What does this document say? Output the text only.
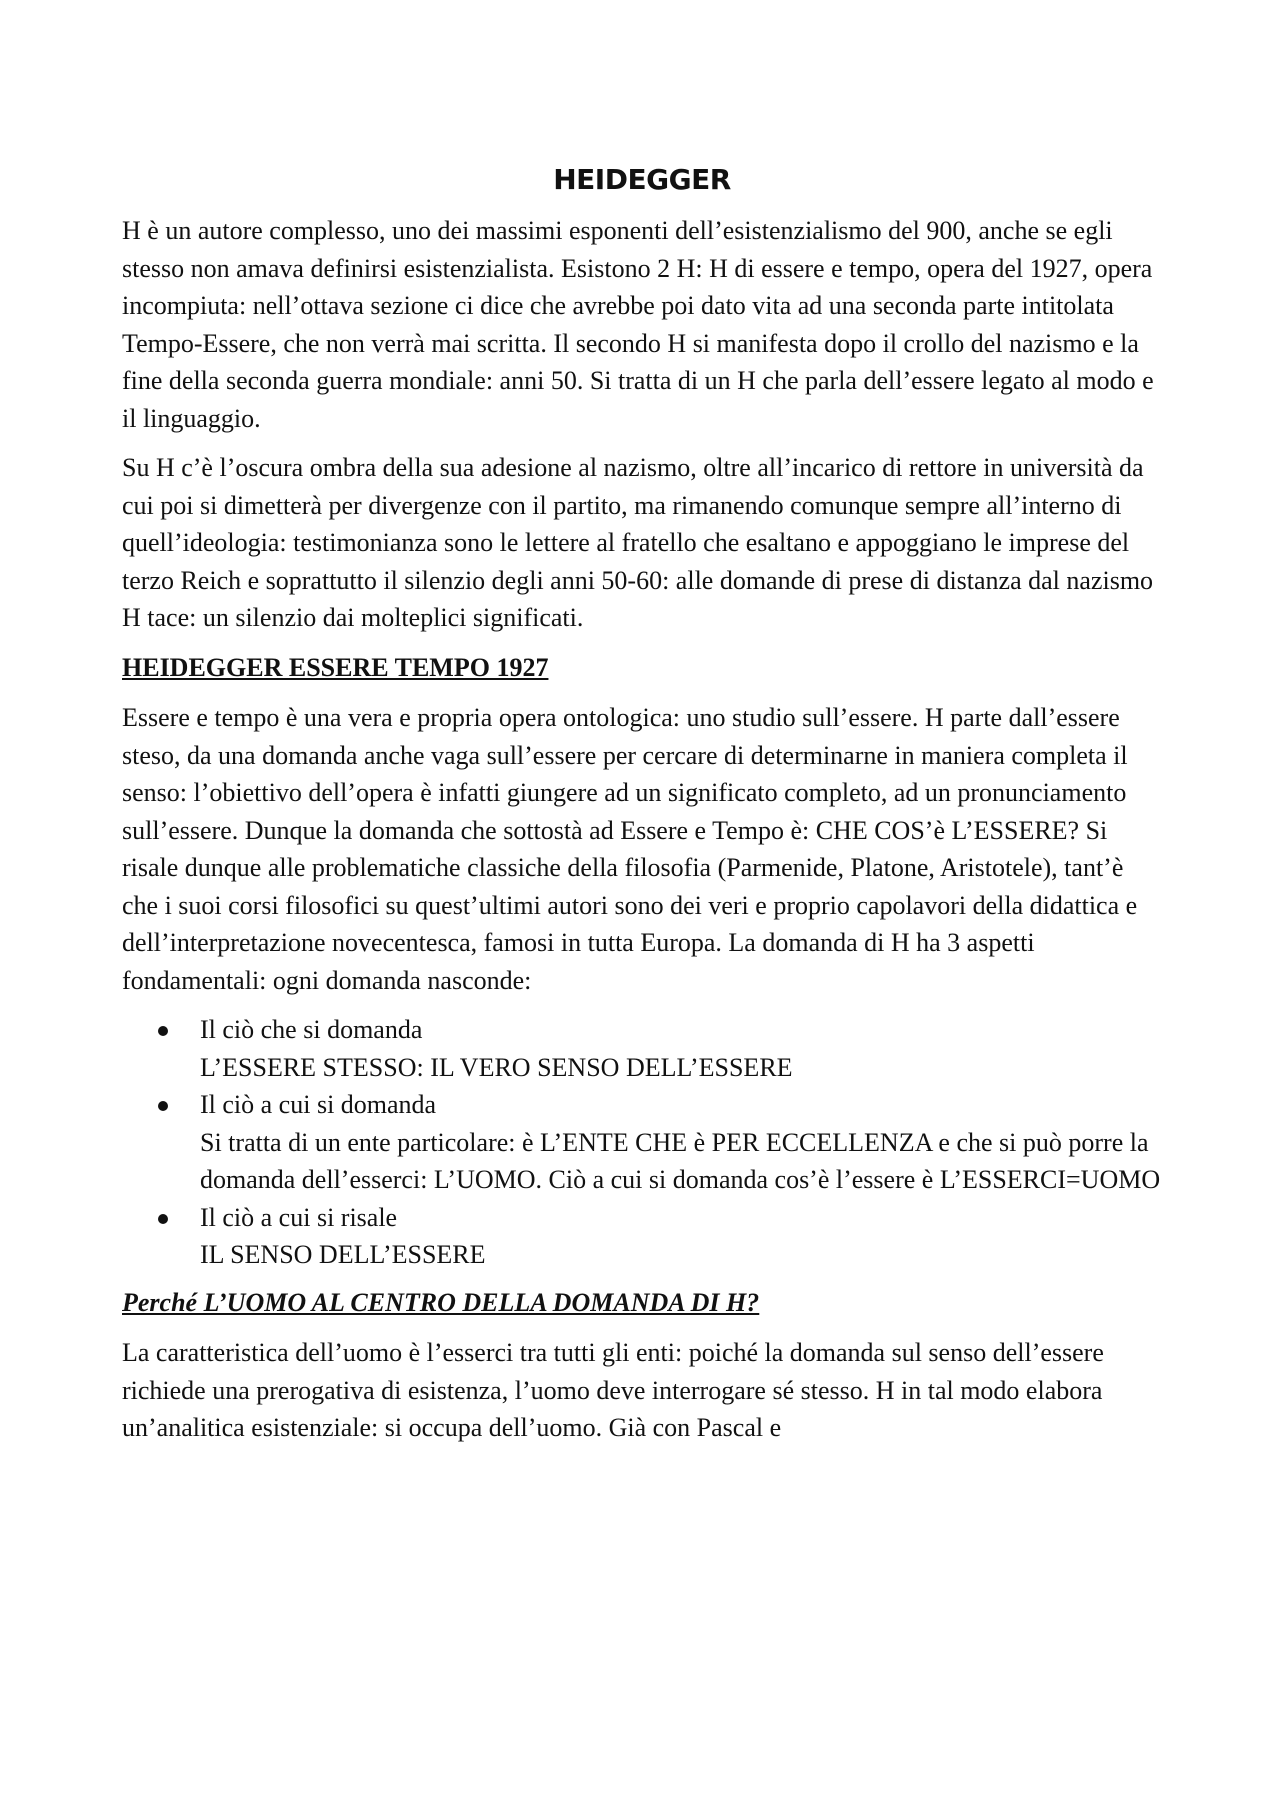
HEIDEGGER

H è un autore complesso, uno dei massimi esponenti dell’esistenzialismo del 900, anche se egli stesso non amava definirsi esistenzialista. Esistono 2 H: H di essere e tempo, opera del 1927, opera incompiuta: nell’ottava sezione ci dice che avrebbe poi dato vita ad una seconda parte intitolata Tempo-Essere, che non verrà mai scritta. Il secondo H si manifesta dopo il crollo del nazismo e la fine della seconda guerra mondiale: anni 50. Si tratta di un H che parla dell’essere legato al modo e il linguaggio.

Su H c’è l’oscura ombra della sua adesione al nazismo, oltre all’incarico di rettore in università da cui poi si dimetterà per divergenze con il partito, ma rimanendo comunque sempre all’interno di quell’ideologia: testimonianza sono le lettere al fratello che esaltano e appoggiano le imprese del terzo Reich e soprattutto il silenzio degli anni 50-60: alle domande di prese di distanza dal nazismo H tace: un silenzio dai molteplici significati.

HEIDEGGER ESSERE TEMPO 1927

Essere e tempo è una vera e propria opera ontologica: uno studio sull’essere. H parte dall’essere steso, da una domanda anche vaga sull’essere per cercare di determinarne in maniera completa il senso: l’obiettivo dell’opera è infatti giungere ad un significato completo, ad un pronunciamento sull’essere. Dunque la domanda che sottostà ad Essere e Tempo è: CHE COS’è L’ESSERE? Si risale dunque alle problematiche classiche della filosofia (Parmenide, Platone, Aristotele), tant’è che i suoi corsi filosofici su quest’ultimi autori sono dei veri e proprio capolavori della didattica e dell’interpretazione novecentesca, famosi in tutta Europa. La domanda di H ha 3 aspetti fondamentali: ogni domanda nasconde:

Il ciò che si domanda
L’ESSERE STESSO: IL VERO SENSO DELL’ESSERE
Il ciò a cui si domanda
Si tratta di un ente particolare: è L’ENTE CHE è PER ECCELLENZA e che si può porre la domanda dell’esserci: L’UOMO. Ciò a cui si domanda cos’è l’essere è L’ESSERCI=UOMO
Il ciò a cui si risale
IL SENSO DELL’ESSERE
Perché L’UOMO AL CENTRO DELLA DOMANDA DI H?

La caratteristica dell’uomo è l’esserci tra tutti gli enti: poiché la domanda sul senso dell’essere richiede una prerogativa di esistenza, l’uomo deve interrogare sé stesso. H in tal modo elabora un’analitica esistenziale: si occupa dell’uomo. Già con Pascal e
